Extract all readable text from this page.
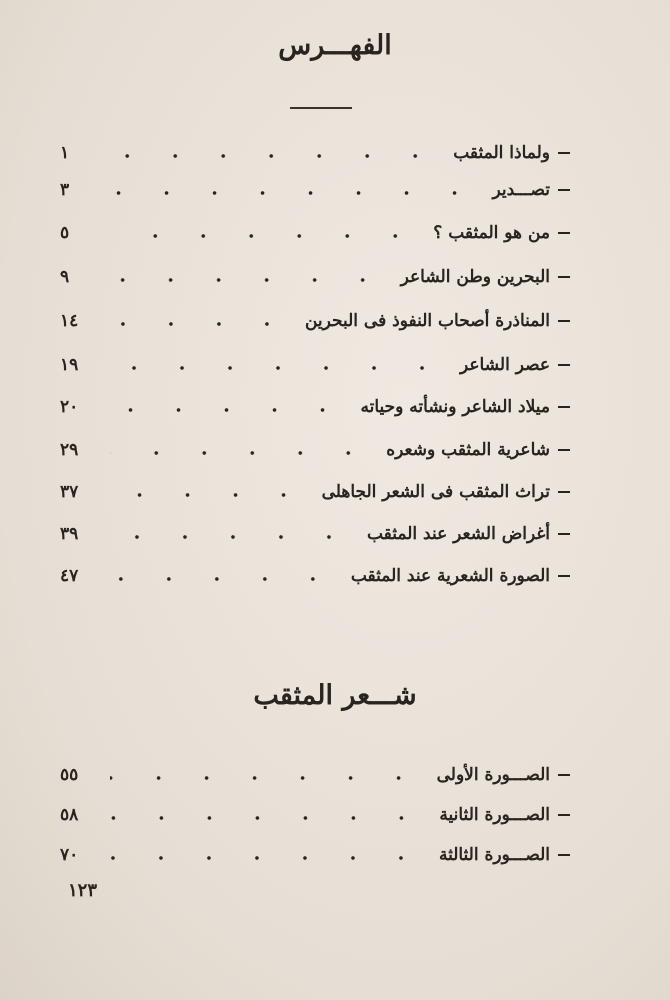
الفهـــرس
ولماذا المثقب
١
تصـــدير
٣
من هو المثقب ؟
٥
البحرين وطن الشاعر
٩
المناذرة أصحاب النفوذ فى البحرين
١٤
عصر الشاعر
١٩
ميلاد الشاعر ونشأته وحياته
٢٠
شاعرية المثقب وشعره
٢٩
تراث المثقب فى الشعر الجاهلى
٣٧
أغراض الشعر عند المثقب
٣٩
الصورة الشعرية عند المثقب
٤٧
شـــعر المثقب
الصـــورة الأولى
٥٥
الصـــورة الثانية
٥٨
الصـــورة الثالثة
٧٠
١٢٣
